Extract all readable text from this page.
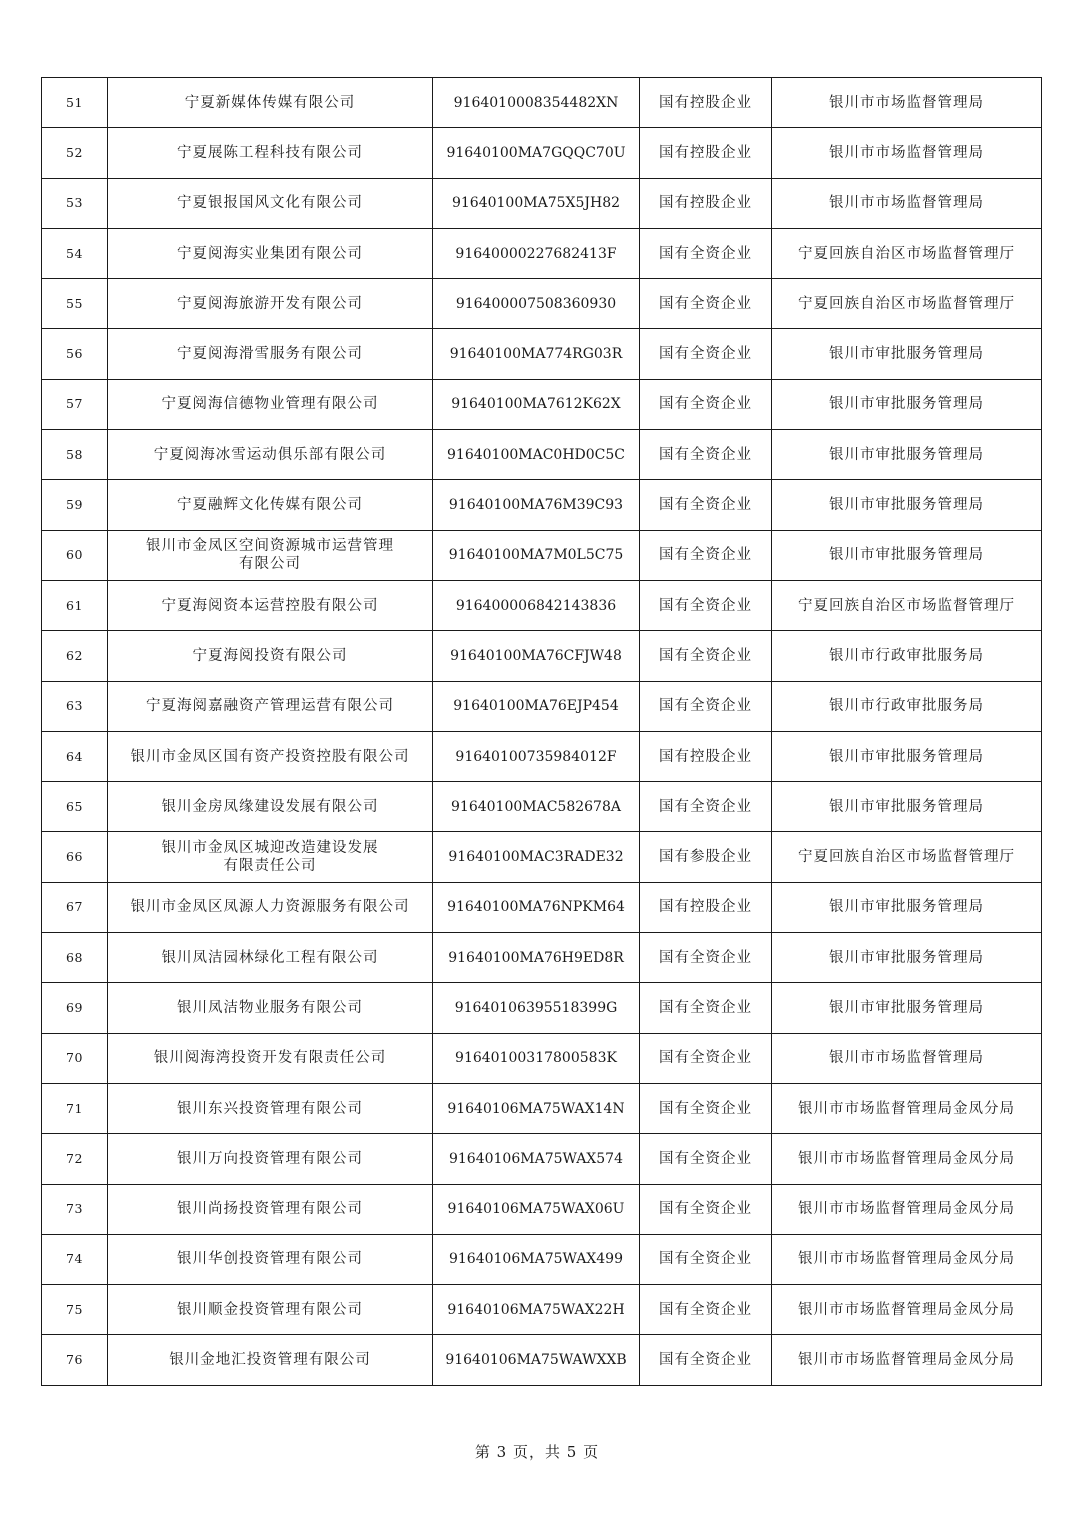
51	宁夏新媒体传媒有限公司	9164010008354482XN	国有控股企业	银川市市场监督管理局
52	宁夏展陈工程科技有限公司	91640100MA7GQQC70U	国有控股企业	银川市市场监督管理局
53	宁夏银报国风文化有限公司	91640100MA75X5JH82	国有控股企业	银川市市场监督管理局
54	宁夏阅海实业集团有限公司	91640000227682413F	国有全资企业	宁夏回族自治区市场监督管理厅
55	宁夏阅海旅游开发有限公司	916400007508360930	国有全资企业	宁夏回族自治区市场监督管理厅
56	宁夏阅海滑雪服务有限公司	91640100MA774RG03R	国有全资企业	银川市审批服务管理局
57	宁夏阅海信德物业管理有限公司	91640100MA7612K62X	国有全资企业	银川市审批服务管理局
58	宁夏阅海冰雪运动俱乐部有限公司	91640100MAC0HD0C5C	国有全资企业	银川市审批服务管理局
59	宁夏融辉文化传媒有限公司	91640100MA76M39C93	国有全资企业	银川市审批服务管理局
60	银川市金凤区空间资源城市运营管理
有限公司	91640100MA7M0L5C75	国有全资企业	银川市审批服务管理局
61	宁夏海阅资本运营控股有限公司	916400006842143836	国有全资企业	宁夏回族自治区市场监督管理厅
62	宁夏海阅投资有限公司	91640100MA76CFJW48	国有全资企业	银川市行政审批服务局
63	宁夏海阅嘉融资产管理运营有限公司	91640100MA76EJP454	国有全资企业	银川市行政审批服务局
64	银川市金凤区国有资产投资控股有限公司	91640100735984012F	国有控股企业	银川市审批服务管理局
65	银川金房凤缘建设发展有限公司	91640100MAC582678A	国有全资企业	银川市审批服务管理局
66	银川市金凤区城迎改造建设发展
有限责任公司	91640100MAC3RADE32	国有参股企业	宁夏回族自治区市场监督管理厅
67	银川市金凤区凤源人力资源服务有限公司	91640100MA76NPKM64	国有控股企业	银川市审批服务管理局
68	银川凤洁园林绿化工程有限公司	91640100MA76H9ED8R	国有全资企业	银川市审批服务管理局
69	银川凤洁物业服务有限公司	91640106395518399G	国有全资企业	银川市审批服务管理局
70	银川阅海湾投资开发有限责任公司	91640100317800583K	国有全资企业	银川市市场监督管理局
71	银川东兴投资管理有限公司	91640106MA75WAX14N	国有全资企业	银川市市场监督管理局金凤分局
72	银川万向投资管理有限公司	91640106MA75WAX574	国有全资企业	银川市市场监督管理局金凤分局
73	银川尚扬投资管理有限公司	91640106MA75WAX06U	国有全资企业	银川市市场监督管理局金凤分局
74	银川华创投资管理有限公司	91640106MA75WAX499	国有全资企业	银川市市场监督管理局金凤分局
75	银川顺金投资管理有限公司	91640106MA75WAX22H	国有全资企业	银川市市场监督管理局金凤分局
76	银川金地汇投资管理有限公司	91640106MA75WAWXXB	国有全资企业	银川市市场监督管理局金凤分局
第 3 页，共 5 页
